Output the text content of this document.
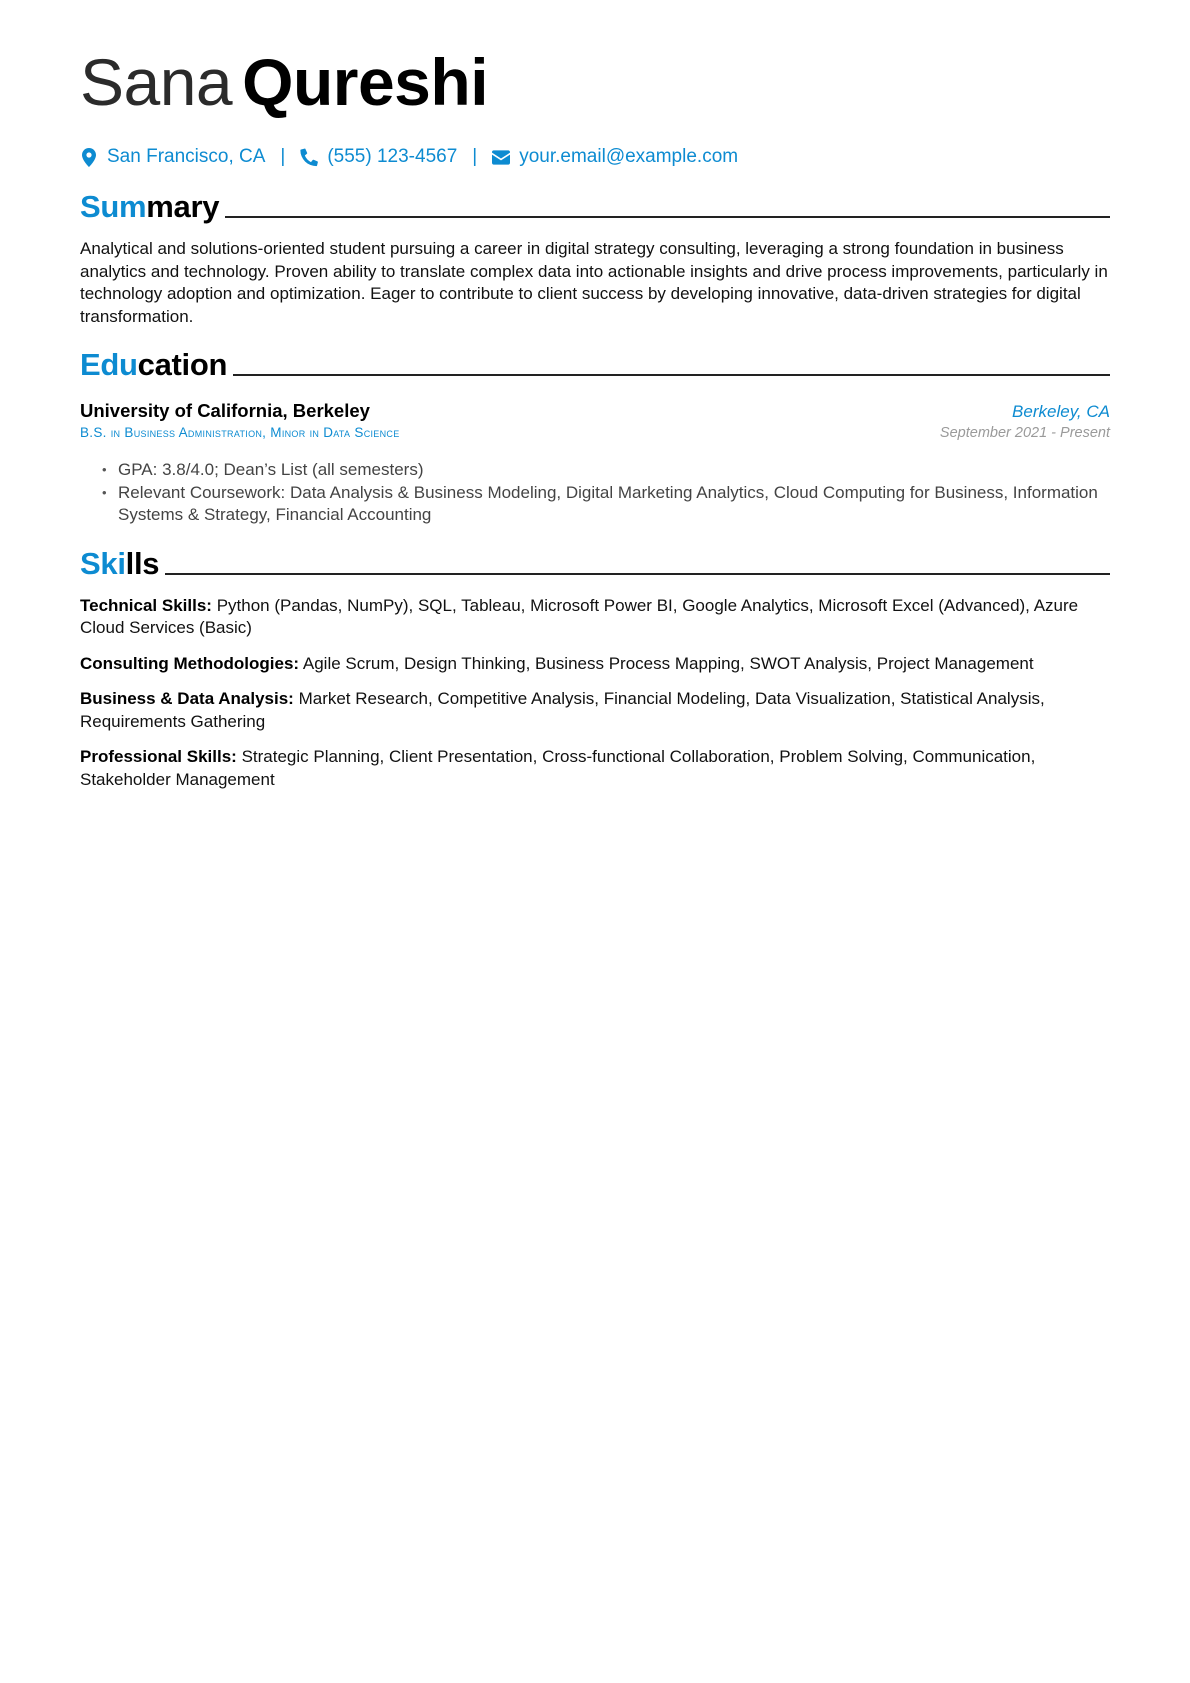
Sana Qureshi
San Francisco, CA | (555) 123-4567 | your.email@example.com
Summary

Analytical and solutions-oriented student pursuing a career in digital strategy consulting, leveraging a strong foundation in business analytics and technology. Proven ability to translate complex data into actionable insights and drive process improvements, particularly in technology adoption and optimization. Eager to contribute to client success by developing innovative, data-driven strategies for digital transformation.

Education
University of California, Berkeley	Berkeley, CA
B.S. in Business Administration, Minor in Data Science	September 2021 - Present
• GPA: 3.8/4.0; Dean’s List (all semesters)
• Relevant Coursework: Data Analysis & Business Modeling, Digital Marketing Analytics, Cloud Computing for Business, Information Systems & Strategy, Financial Accounting
Skills

Technical Skills: Python (Pandas, NumPy), SQL, Tableau, Microsoft Power BI, Google Analytics, Microsoft Excel (Advanced), Azure Cloud Services (Basic)

Consulting Methodologies: Agile Scrum, Design Thinking, Business Process Mapping, SWOT Analysis, Project Management

Business & Data Analysis: Market Research, Competitive Analysis, Financial Modeling, Data Visualization, Statistical Analysis, Requirements Gathering

Professional Skills: Strategic Planning, Client Presentation, Cross-functional Collaboration, Problem Solving, Communication, Stakeholder Management
